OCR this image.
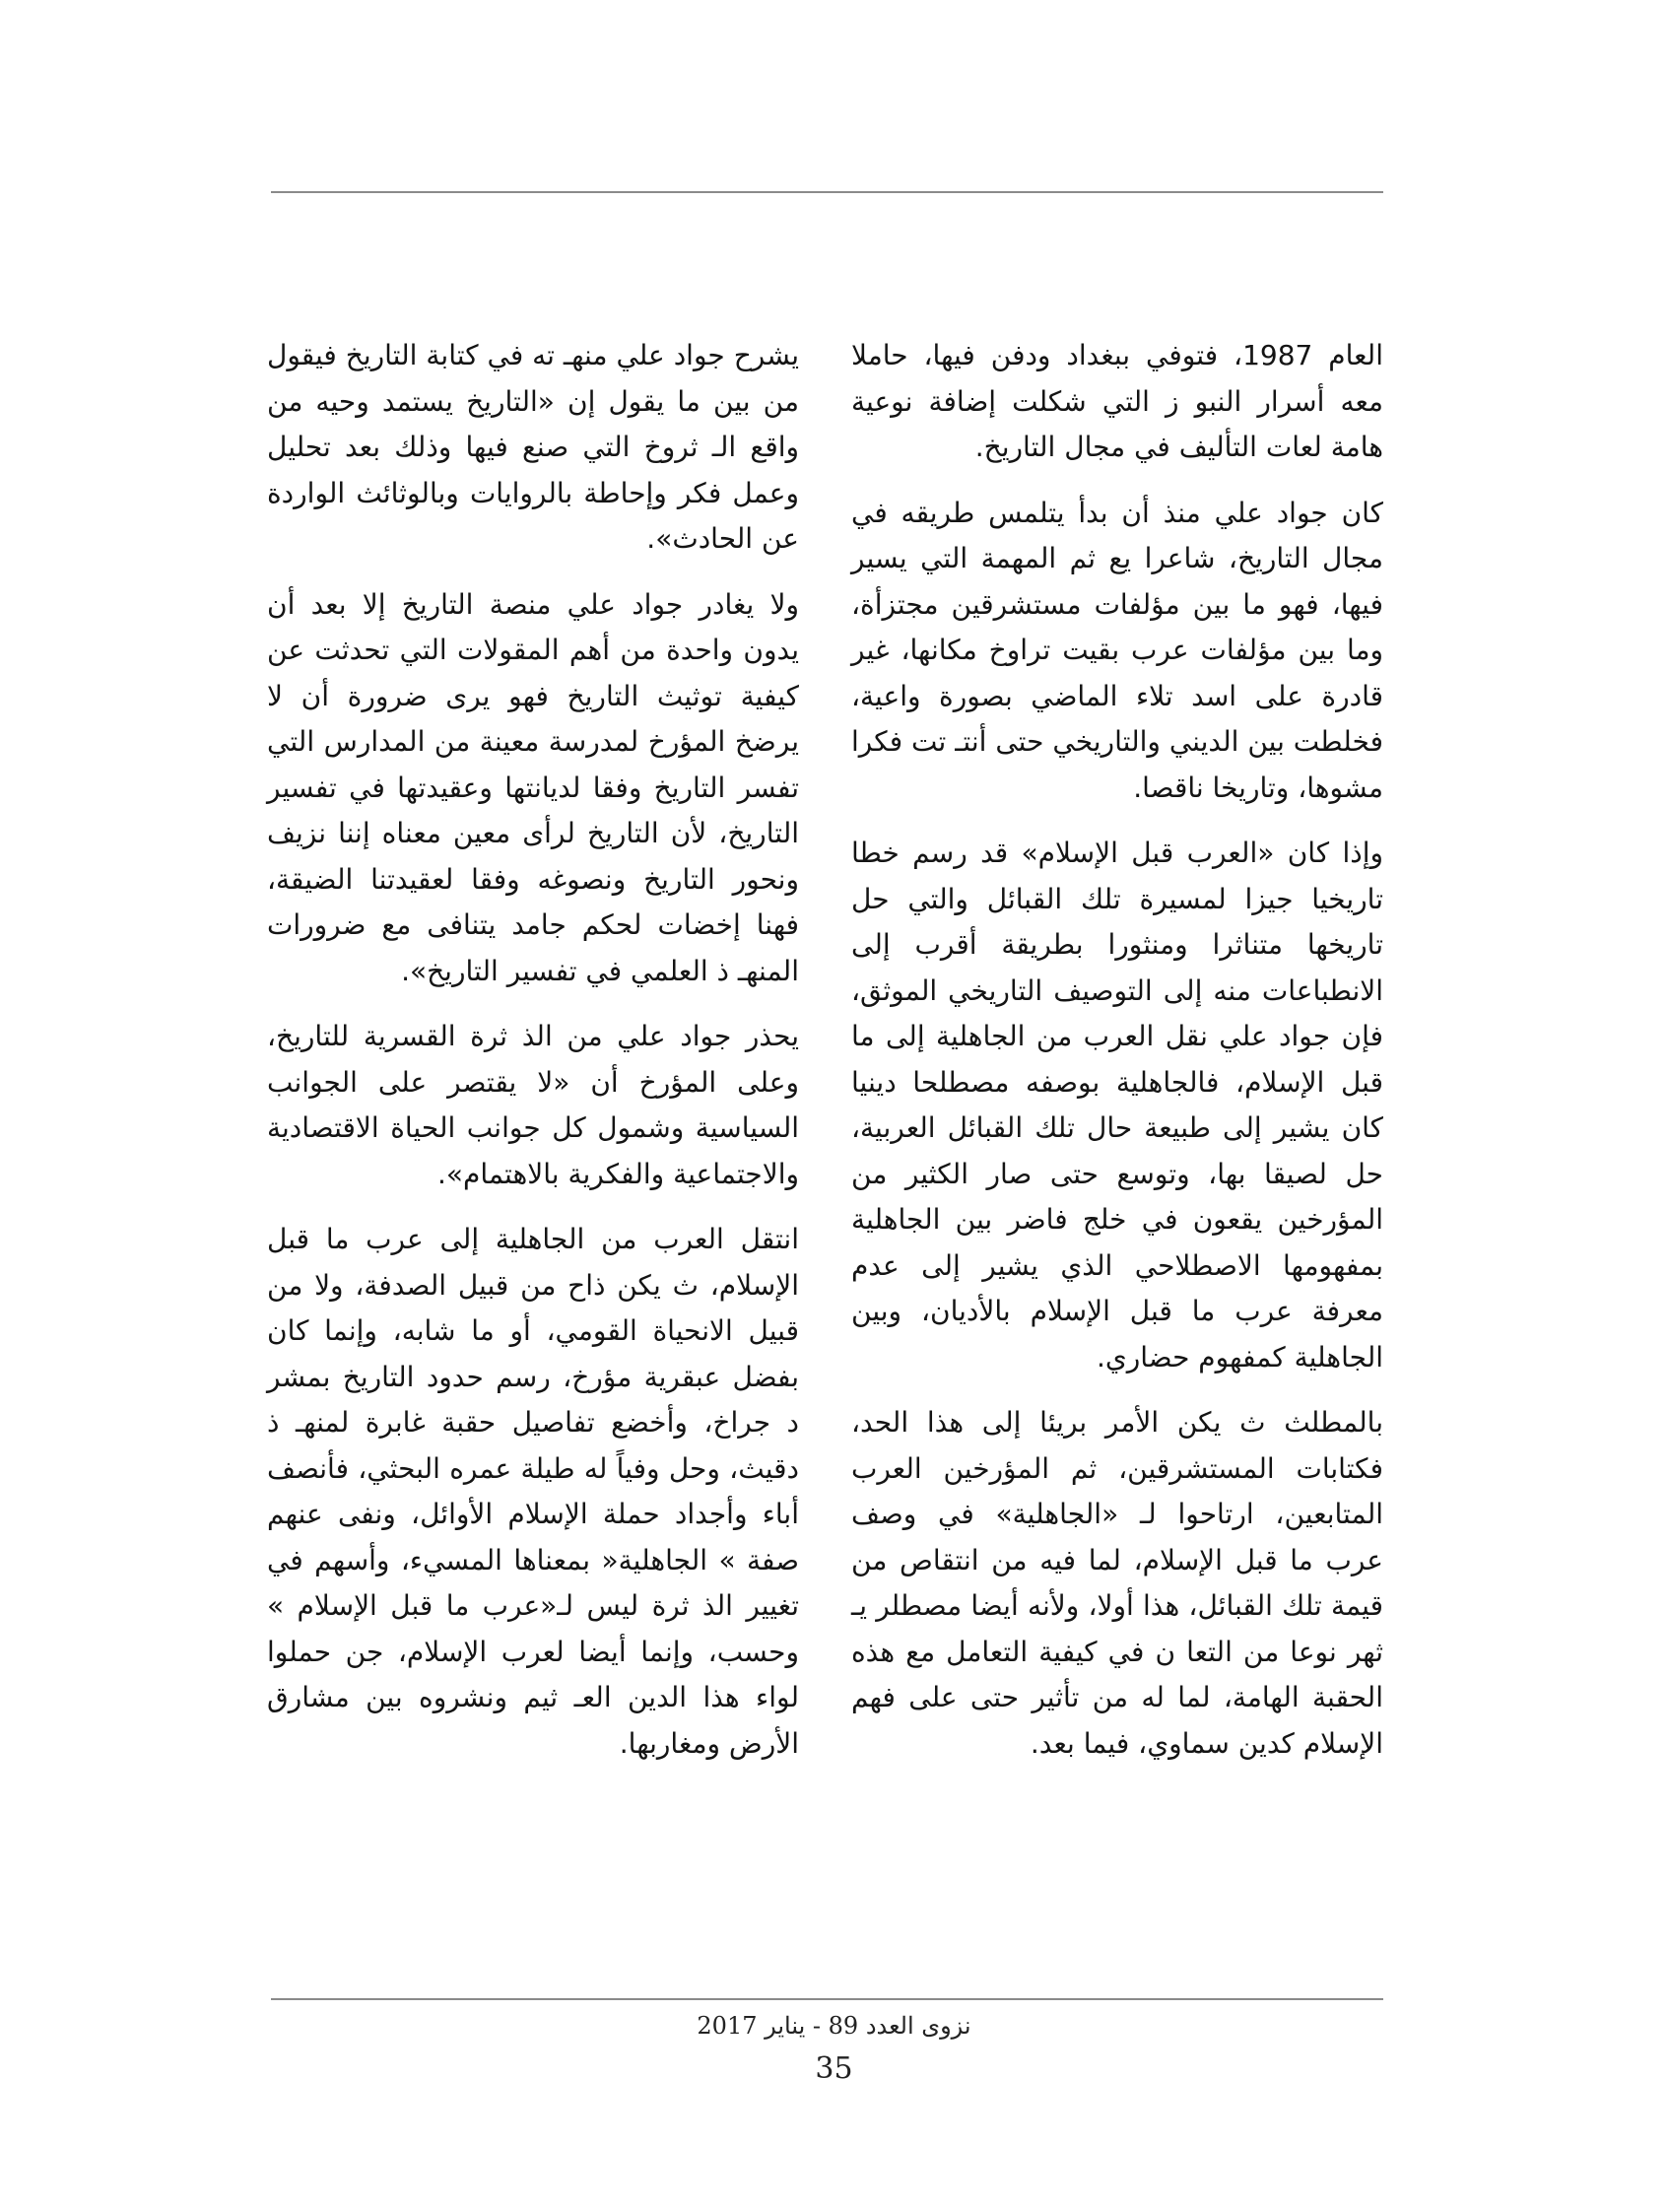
العام 1987، فتوفي ببغداد ودفن فيها، حاملا معه أسرار النبو ز التي شكلت إضافة نوعية هامة لعات التأليف في مجال التاريخ.

كان جواد علي منذ أن بدأ يتلمس طريقه في مجال التاريخ، شاعرا يع ثم المهمة التي يسير فيها، فهو ما بين مؤلفات مستشرقين مجتزأة، وما بين مؤلفات عرب بقيت تراوخ مكانها، غير قادرة على اسد تلاء الماضي بصورة واعية، فخلطت بين الديني والتاريخي حتى أنتـ تت فكرا مشوها، وتاريخا ناقصا.

وإذا كان «العرب قبل الإسلام» قد رسم خطا تاريخيا جيزا لمسيرة تلك القبائل والتي حل تاريخها متناثرا ومنثورا بطريقة أقرب إلى الانطباعات منه إلى التوصيف التاريخي الموثق، فإن جواد علي نقل العرب من الجاهلية إلى ما قبل الإسلام، فالجاهلية بوصفه مصطلحا دينيا كان يشير إلى طبيعة حال تلك القبائل العربية، حل لصيقا بها، وتوسع حتى صار الكثير من المؤرخين يقعون في خلج فاضر بين الجاهلية بمفهومها الاصطلاحي الذي يشير إلى عدم معرفة عرب ما قبل الإسلام بالأديان، وبين الجاهلية كمفهوم حضاري.

بالمطلث ث يكن الأمر بريئا إلى هذا الحد، فكتابات المستشرقين، ثم المؤرخين العرب المتابعين، ارتاحوا لـ «الجاهلية» في وصف عرب ما قبل الإسلام، لما فيه من انتقاص من قيمة تلك القبائل، هذا أولا، ولأنه أيضا مصطلر يـ ثهر نوعا من التعا ن في كيفية التعامل مع هذه الحقبة الهامة، لما له من تأثير حتى على فهم الإسلام كدين سماوي، فيما بعد.

يشرح جواد علي منهـ ته في كتابة التاريخ فيقول من بين ما يقول إن «التاريخ يستمد وحيه من واقع الـ ثروخ التي صنع فيها وذلك بعد تحليل وعمل فكر وإحاطة بالروايات وبالوثائث الواردة عن الحادث».

ولا يغادر جواد علي منصة التاريخ إلا بعد أن يدون واحدة من أهم المقولات التي تحدثت عن كيفية توثيث التاريخ فهو يرى ضرورة أن لا يرضخ المؤرخ لمدرسة معينة من المدارس التي تفسر التاريخ وفقا لديانتها وعقيدتها في تفسير التاريخ، لأن التاريخ لرأى معين معناه إننا نزيف ونحور التاريخ ونصوغه وفقا لعقيدتنا الضيقة، فهنا إخضات لحكم جامد يتنافى مع ضرورات المنهـ ذ العلمي في تفسير التاريخ».

يحذر جواد علي من الذ ثرة القسرية للتاريخ، وعلى المؤرخ أن «لا يقتصر على الجوانب السياسية وشمول كل جوانب الحياة الاقتصادية والاجتماعية والفكرية بالاهتمام».

انتقل العرب من الجاهلية إلى عرب ما قبل الإسلام، ث يكن ذاح من قبيل الصدفة، ولا من قبيل الانحياة القومي، أو ما شابه، وإنما كان بفضل عبقرية مؤرخ، رسم حدود التاريخ بمشر د جراخ، وأخضع تفاصيل حقبة غابرة لمنهـ ذ دقيث، وحل وفياً له طيلة عمره البحثي، فأنصف أباء وأجداد حملة الإسلام الأوائل، ونفى عنهم صفة » الجاهلية« بمعناها المسيء، وأسهم في تغيير الذ ثرة ليس لـ«عرب ما قبل الإسلام » وحسب، وإنما أيضا لعرب الإسلام، جن حملوا لواء هذا الدين العـ ثيم ونشروه بين مشارق الأرض ومغاربها.

نزوى العدد 89 - يناير 2017
35
